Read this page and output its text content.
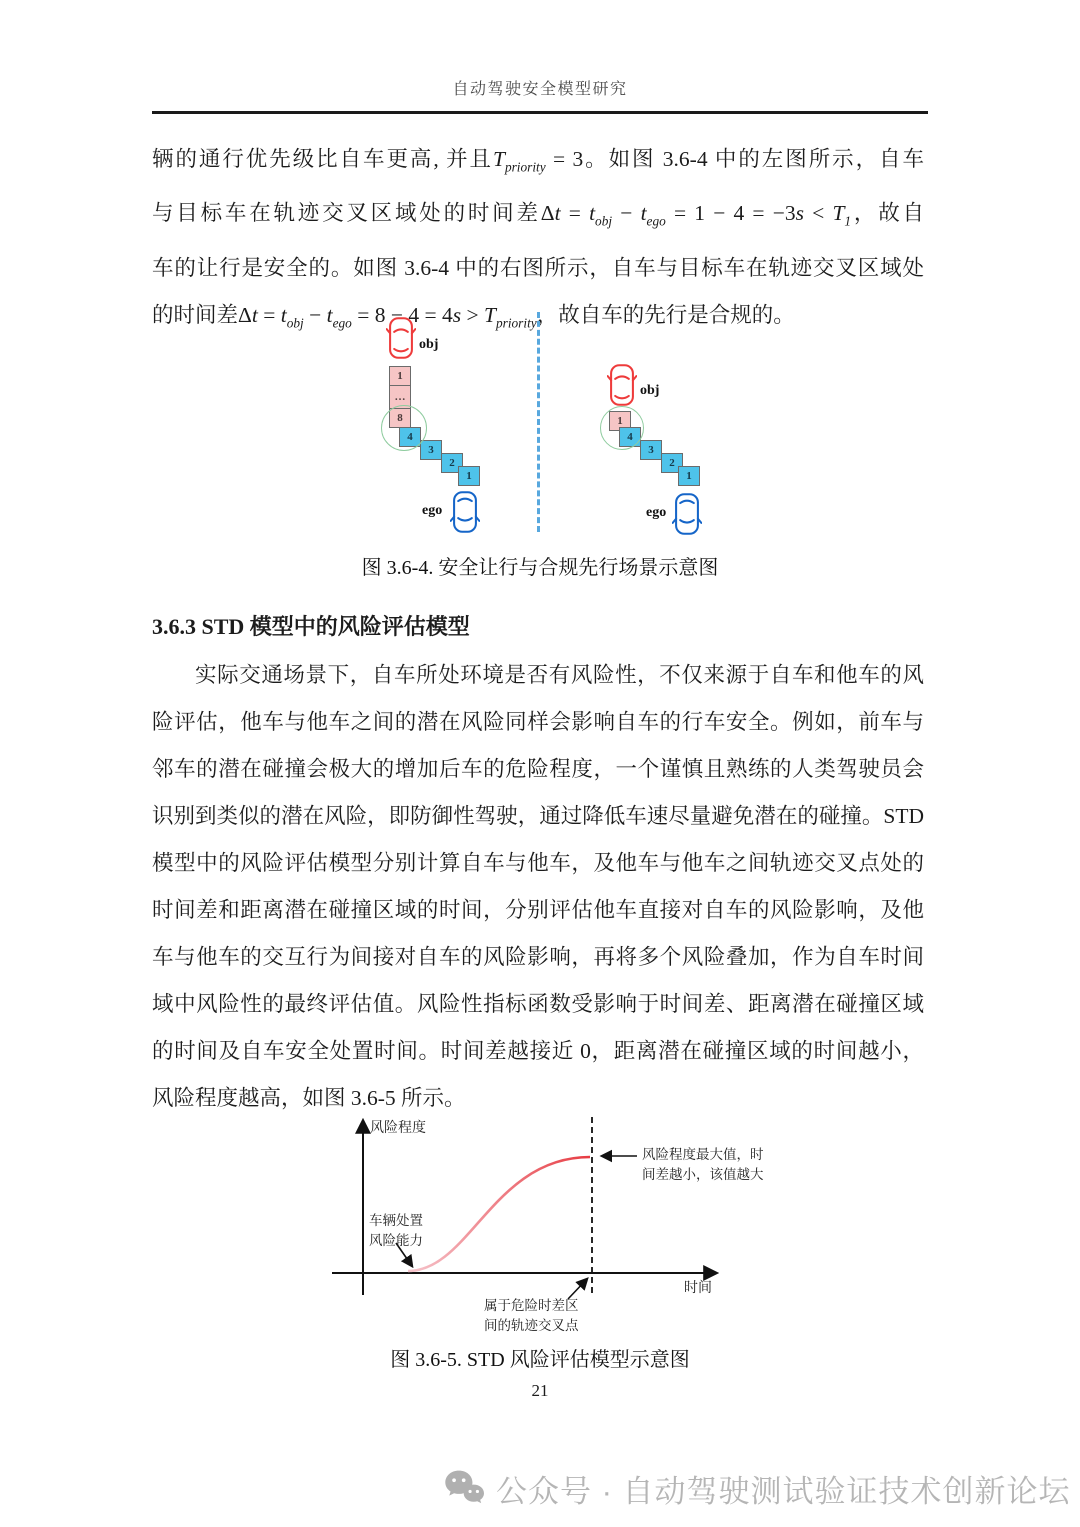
自动驾驶安全模型研究
辆的通行优先级比自车更高, 并且$T_{priority} = 3$。如图 3.6-4 中的左图所示，自车
与目标车在轨迹交叉区域处的时间差$\Delta t = t_{obj} - t_{ego} = 1 - 4 = -3s < T_1$，故自
车的让行是安全的。如图 3.6-4 中的右图所示，自车与目标车在轨迹交叉区域处
的时间差$\Delta t = t_{obj} - t_{ego} = 8 - 4 = 4s > T_{priority}$，故自车的先行是合规的。
obj
1
…
8
4
3
2
1
ego
obj
1
4
3
2
1
ego
图 3.6-4. 安全让行与合规先行场景示意图
3.6.3 STD 模型中的风险评估模型
实际交通场景下，自车所处环境是否有风险性，不仅来源于自车和他车的风
险评估，他车与他车之间的潜在风险同样会影响自车的行车安全。例如，前车与
邻车的潜在碰撞会极大的增加后车的危险程度，一个谨慎且熟练的人类驾驶员会
识别到类似的潜在风险，即防御性驾驶，通过降低车速尽量避免潜在的碰撞。STD
模型中的风险评估模型分别计算自车与他车，及他车与他车之间轨迹交叉点处的
时间差和距离潜在碰撞区域的时间，分别评估他车直接对自车的风险影响，及他
车与他车的交互行为间接对自车的风险影响，再将多个风险叠加，作为自车时间
域中风险性的最终评估值。风险性指标函数受影响于时间差、距离潜在碰撞区域
的时间及自车安全处置时间。时间差越接近 0，距离潜在碰撞区域的时间越小，
风险程度越高，如图 3.6-5 所示。
风险程度
时间
风险程度最大值，时
间差越小，该值越大
车辆处置
风险能力
属于危险时差区
间的轨迹交叉点
图 3.6-5. STD 风险评估模型示意图
21
公众号 · 自动驾驶测试验证技术创新论坛
